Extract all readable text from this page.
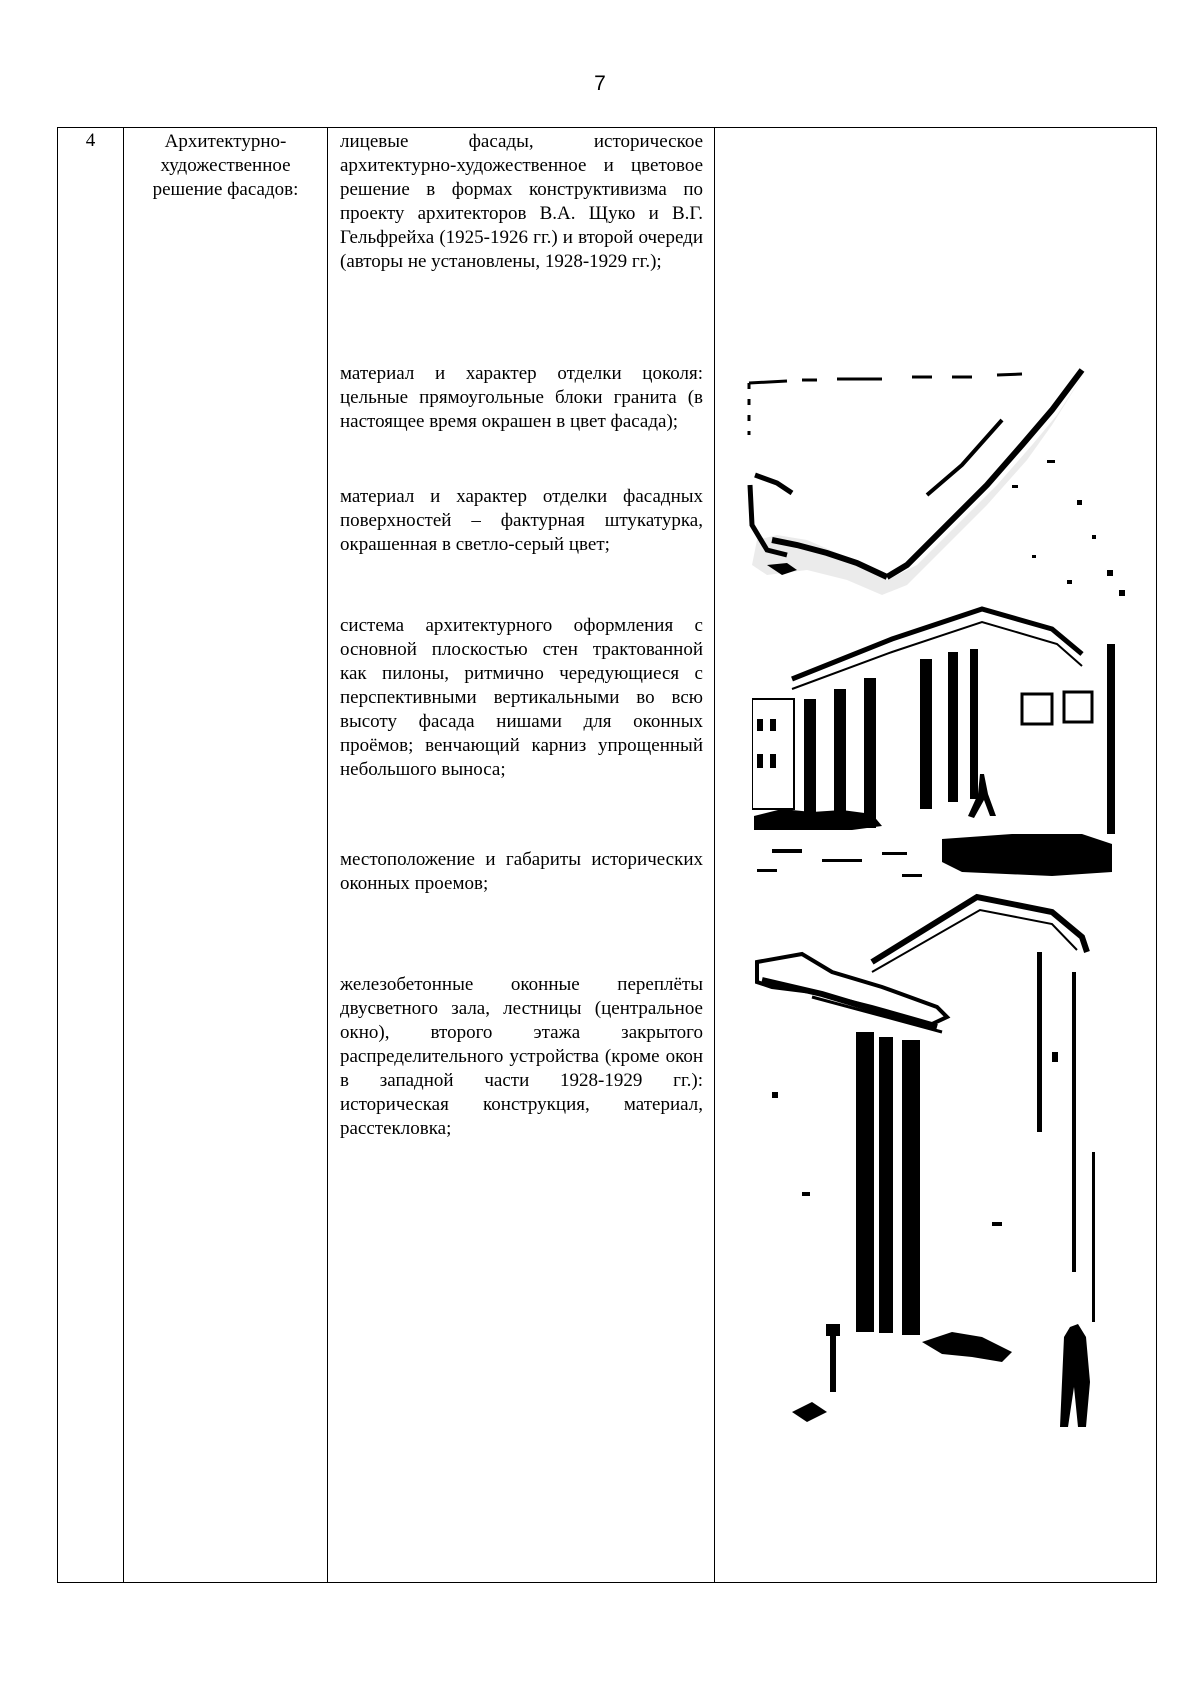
7
4	Архитектурно-художественное решение фасадов:

лицевые фасады, историческое архитектурно-художественное и цветовое решение в формах конструктивизма по проекту архитекторов В.А. Щуко и В.Г. Гельфрейха (1925-1926 гг.) и второй очереди (авторы не установлены, 1928-1929 гг.);
материал и характер отделки цоколя: цельные прямоугольные блоки гранита (в настоящее время окрашен в цвет фасада);
материал и характер отделки фасадных поверхностей – фактурная штукатурка, окрашенная в светло-серый цвет;
система архитектурного оформления с основной плоскостью стен трактованной как пилоны, ритмично чередующиеся с перспективными вертикальными во всю высоту фасада нишами для оконных проёмов; венчающий карниз упрощенный небольшого выноса;
местоположение и габариты исторических оконных проемов;
железобетонные оконные переплёты двусветного зала, лестницы (центральное окно), второго этажа закрытого распределительного устройства (кроме окон в западной части 1928-1929 гг.): историческая конструкция, материал, расстекловка;
